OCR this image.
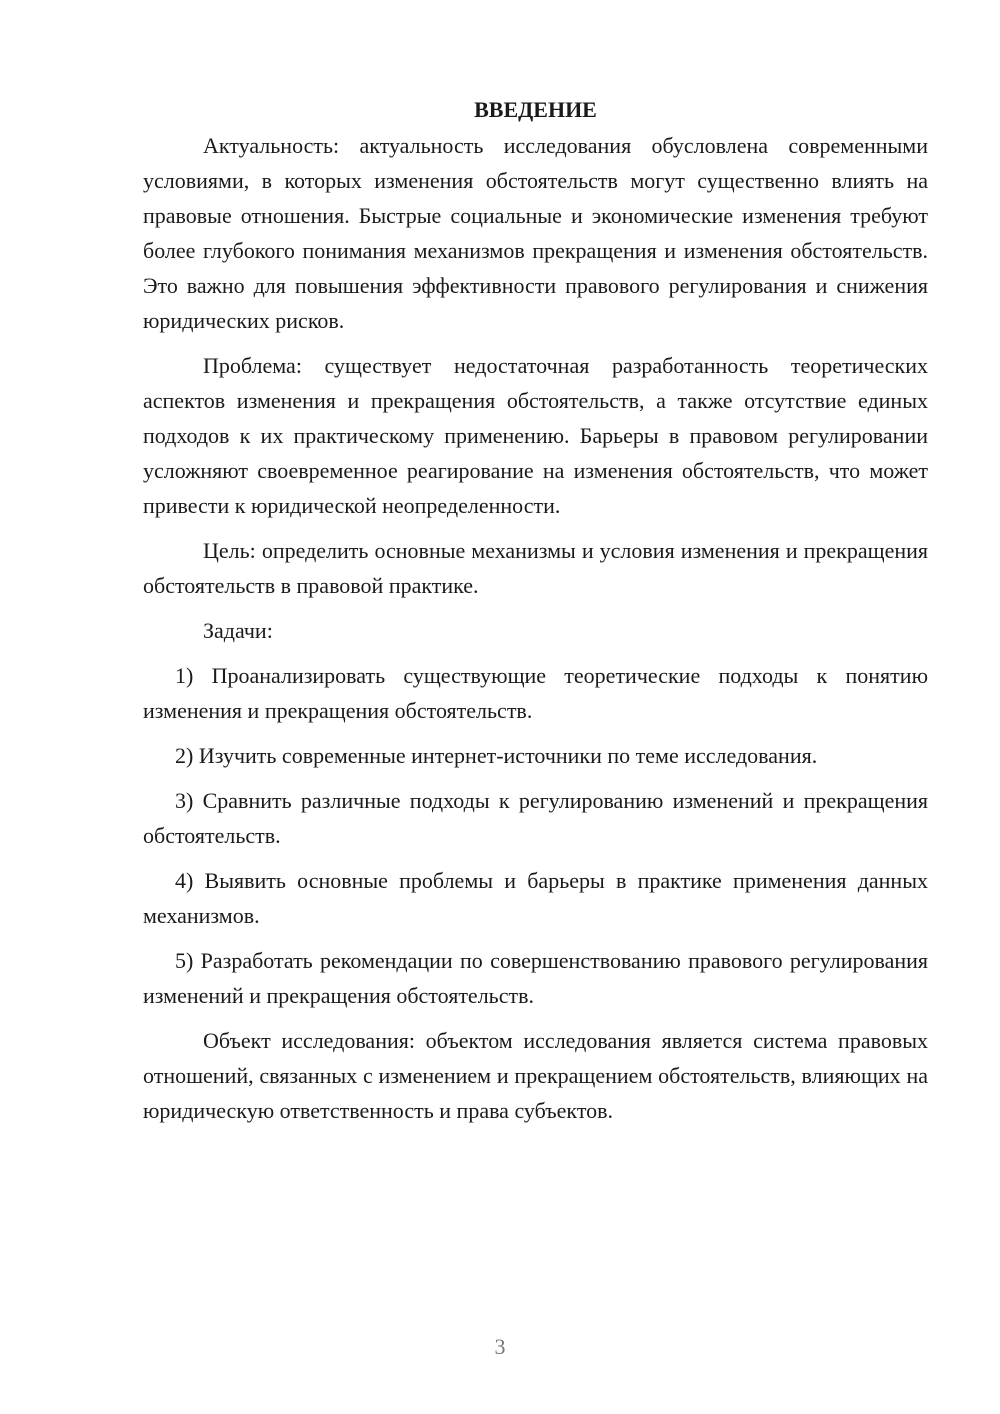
ВВЕДЕНИЕ

Актуальность: актуальность исследования обусловлена современными условиями, в которых изменения обстоятельств могут существенно влиять на правовые отношения. Быстрые социальные и экономические изменения требуют более глубокого понимания механизмов прекращения и изменения обстоятельств. Это важно для повышения эффективности правового регулирования и снижения юридических рисков.

Проблема: существует недостаточная разработанность теоретических аспектов изменения и прекращения обстоятельств, а также отсутствие единых подходов к их практическому применению. Барьеры в правовом регулировании усложняют своевременное реагирование на изменения обстоятельств, что может привести к юридической неопределенности.

Цель: определить основные механизмы и условия изменения и прекращения обстоятельств в правовой практике.

Задачи:

1) Проанализировать существующие теоретические подходы к понятию изменения и прекращения обстоятельств.

2) Изучить современные интернет-источники по теме исследования.

3) Сравнить различные подходы к регулированию изменений и прекращения обстоятельств.

4) Выявить основные проблемы и барьеры в практике применения данных механизмов.

5) Разработать рекомендации по совершенствованию правового регулирования изменений и прекращения обстоятельств.

Объект исследования: объектом исследования является система правовых отношений, связанных с изменением и прекращением обстоятельств, влияющих на юридическую ответственность и права субъектов.

3
